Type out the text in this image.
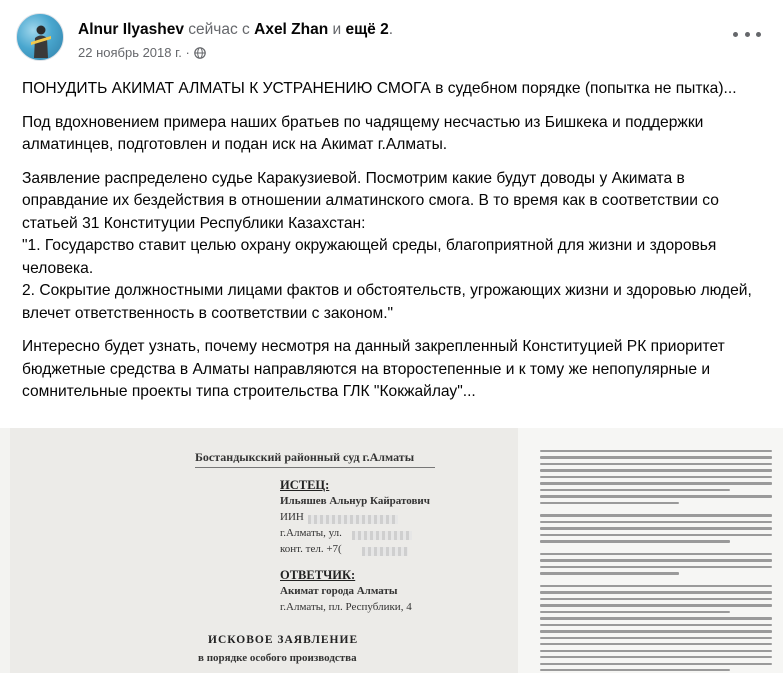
Alnur Ilyashev сейчас с Axel Zhan и ещё 2.
22 ноябрь 2018 г. ·

ПОНУДИТЬ АКИМАТ АЛМАТЫ К УСТРАНЕНИЮ СМОГА в судебном порядке (попытка не пытка)...

Под вдохновением примера наших братьев по чадящему несчастью из Бишкека и поддержки алматинцев, подготовлен и подан иск на Акимат г.Алматы.

Заявление распределено судье Каракузиевой. Посмотрим какие будут доводы у Акимата в оправдание их бездействия в отношении алматинского смога. В то время как в соответствии со статьей 31 Конституции Республики Казахстан:
"1. Государство ставит целью охрану окружающей среды, благоприятной для жизни и здоровья человека.
2. Сокрытие должностными лицами фактов и обстоятельств, угрожающих жизни и здоровью людей, влечет ответственность в соответствии с законом."

Интересно будет узнать, почему несмотря на данный закрепленный Конституцией РК приоритет бюджетные средства в Алматы направляются на второстепенные и к тому же непопулярные и сомнительные проекты типа строительства ГЛК "Кокжайлау"...

Бостандыкский районный суд г.Алматы
ИСТЕЦ:
Ильяшев Альнур Кайратович
ИИН
г.Алматы, ул.
конт. тел. +7(
ОТВЕТЧИК:
Акимат города Алматы
г.Алматы, пл. Республики, 4
ИСКОВОЕ ЗАЯВЛЕНИЕ
в порядке особого производства
